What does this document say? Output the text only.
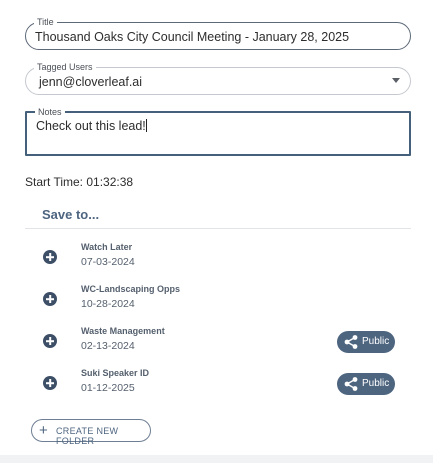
Title
Thousand Oaks City Council Meeting - January 28, 2025
Tagged Users
jenn@cloverleaf.ai
Notes
Check out this lead!
Start Time: 01:32:38
Save to...
Watch Later
07-03-2024
WC-Landscaping Opps
10-28-2024
Waste Management
02-13-2024	Public
Suki Speaker ID
01-12-2025	Public
+ CREATE NEW FOLDER
